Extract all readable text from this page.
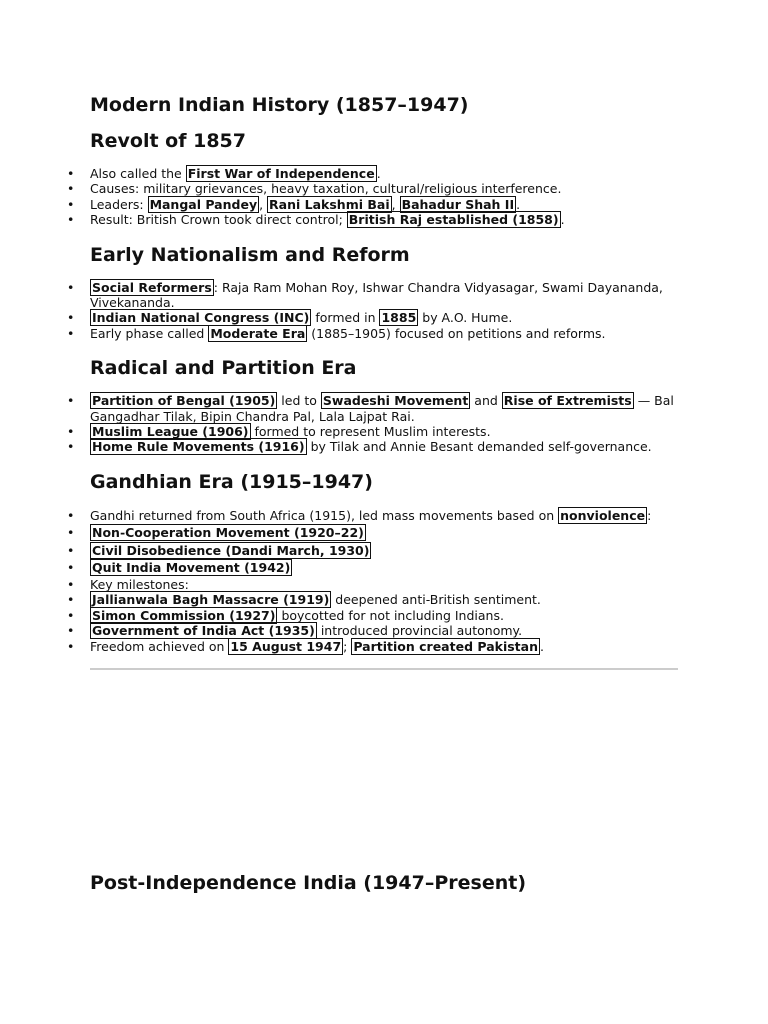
Modern Indian History (1857–1947)
Revolt of 1857
• Also called the First War of Independence .
• Causes: military grievances, heavy taxation, cultural/religious interference.
• Leaders: Mangal Pandey , Rani Lakshmi Bai , Bahadur Shah II .
• Result: British Crown took direct control; British Raj established (1858) .
Early Nationalism and Reform
• Social Reformers : Raja Ram Mohan Roy, Ishwar Chandra Vidyasagar, Swami Dayananda, Vivekananda.
• Indian National Congress (INC) formed in 1885 by A.O. Hume.
• Early phase called Moderate Era (1885–1905) focused on petitions and reforms.
Radical and Partition Era
• Partition of Bengal (1905) led to Swadeshi Movement and Rise of Extremists — Bal Gangadhar Tilak, Bipin Chandra Pal, Lala Lajpat Rai.
• Muslim League (1906) formed to represent Muslim interests.
• Home Rule Movements (1916) by Tilak and Annie Besant demanded self-governance.
Gandhian Era (1915–1947)
• Gandhi returned from South Africa (1915), led mass movements based on nonviolence :
• Non-Cooperation Movement (1920–22)
• Civil Disobedience (Dandi March, 1930)
• Quit India Movement (1942)
• Key milestones:
• Jallianwala Bagh Massacre (1919) deepened anti-British sentiment.
• Simon Commission (1927) boycotted for not including Indians.
• Government of India Act (1935) introduced provincial autonomy.
• Freedom achieved on 15 August 1947 ; Partition created Pakistan .
Post-Independence India (1947–Present)
